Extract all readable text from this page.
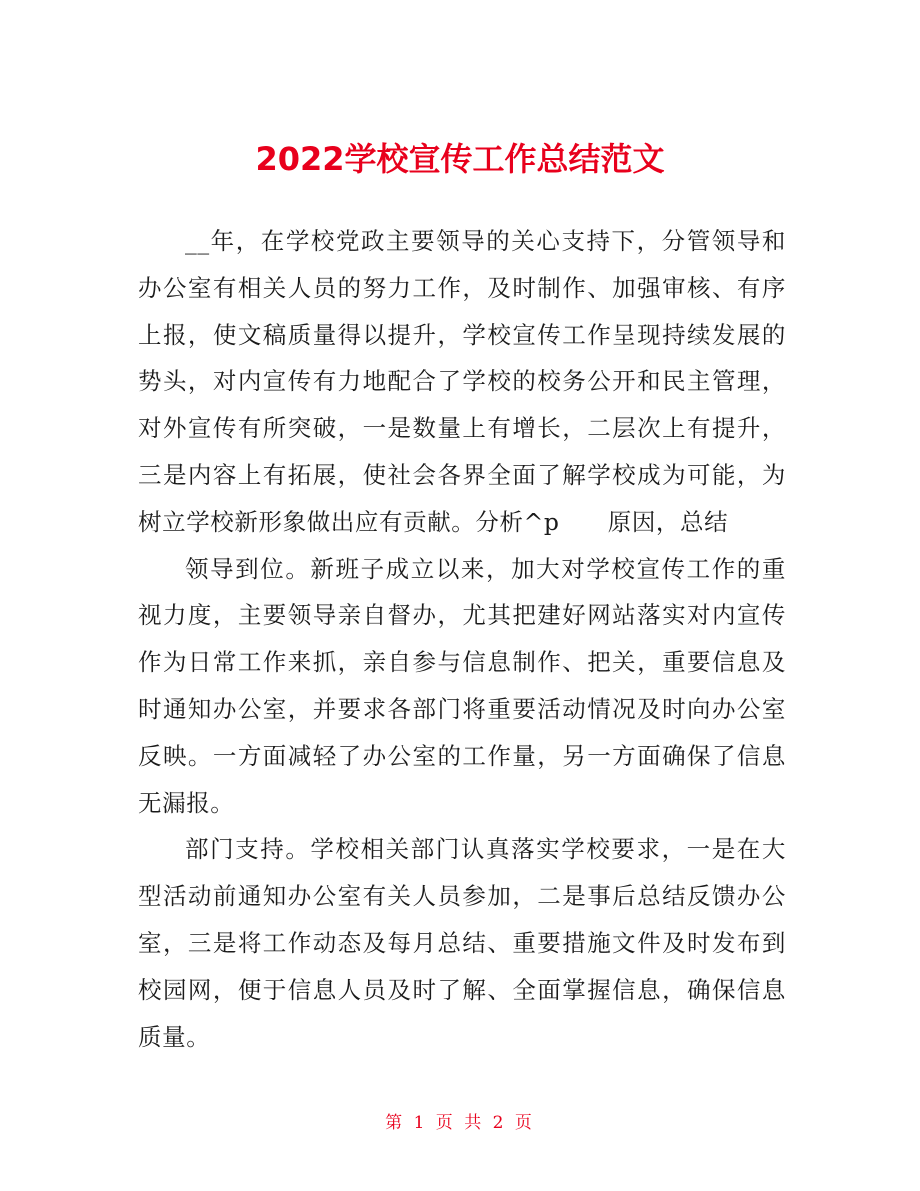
2022学校宣传工作总结范文

__年，在学校党政主要领导的关心支持下，分管领导和办公室有相关人员的努力工作，及时制作、加强审核、有序上报，使文稿质量得以提升，学校宣传工作呈现持续发展的势头，对内宣传有力地配合了学校的校务公开和民主管理，对外宣传有所突破，一是数量上有增长，二层次上有提升，三是内容上有拓展，使社会各界全面了解学校成为可能，为树立学校新形象做出应有贡献。分析^p　　原因，总结

领导到位。新班子成立以来，加大对学校宣传工作的重视力度，主要领导亲自督办，尤其把建好网站落实对内宣传作为日常工作来抓，亲自参与信息制作、把关，重要信息及时通知办公室，并要求各部门将重要活动情况及时向办公室反映。一方面减轻了办公室的工作量，另一方面确保了信息无漏报。

部门支持。学校相关部门认真落实学校要求，一是在大型活动前通知办公室有关人员参加，二是事后总结反馈办公室，三是将工作动态及每月总结、重要措施文件及时发布到校园网，便于信息人员及时了解、全面掌握信息，确保信息质量。

第 1 页 共 2 页
